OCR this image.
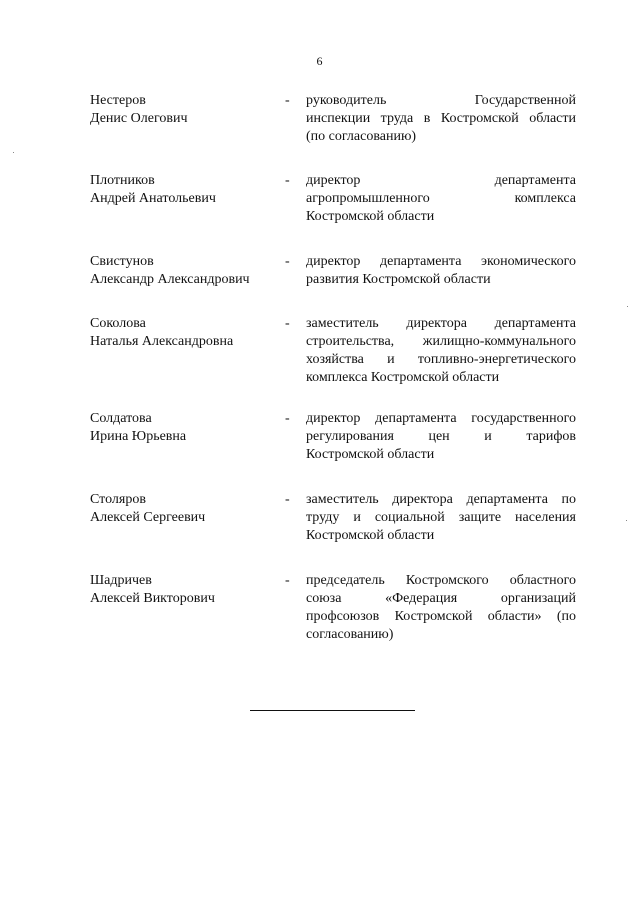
6
Нестеров
Денис Олегович
- руководитель Государственной
инспекции труда в Костромской области
(по согласованию)
Плотников
Андрей Анатольевич
- директор департамента
агропромышленного комплекса
Костромской области
Свистунов
Александр Александрович
- директор департамента экономического
развития Костромской области
Соколова
Наталья Александровна
- заместитель директора департамента
строительства, жилищно-коммунального
хозяйства и топливно-энергетического
комплекса Костромской области
Солдатова
Ирина Юрьевна
- директор департамента государственного
регулирования цен и тарифов
Костромской области
Столяров
Алексей Сергеевич
- заместитель директора департамента по
труду и социальной защите населения
Костромской области
Шадричев
Алексей Викторович
- председатель Костромского областного
союза «Федерация организаций
профсоюзов Костромской области» (по
согласованию)
